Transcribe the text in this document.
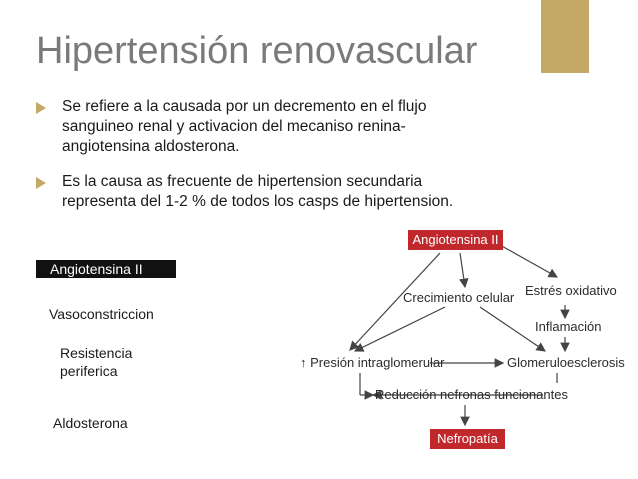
Hipertensión renovascular
Se refiere a la causada por un decremento en el flujo sanguineo renal y activacion del mecaniso renina-angiotensina aldosterona.
Es la causa as frecuente de hipertension secundaria representa del 1-2 % de todos los casps de hipertension.
Angiotensina II
Vasoconstriccion
Resistencia periferica
Aldosterona
Angiotensina II
Crecimiento celular Estrés oxidativo
Inflamación
↑ Presión intraglomerular	Glomeruloesclerosis
Reducción nefronas funcionantes
Nefropatía
